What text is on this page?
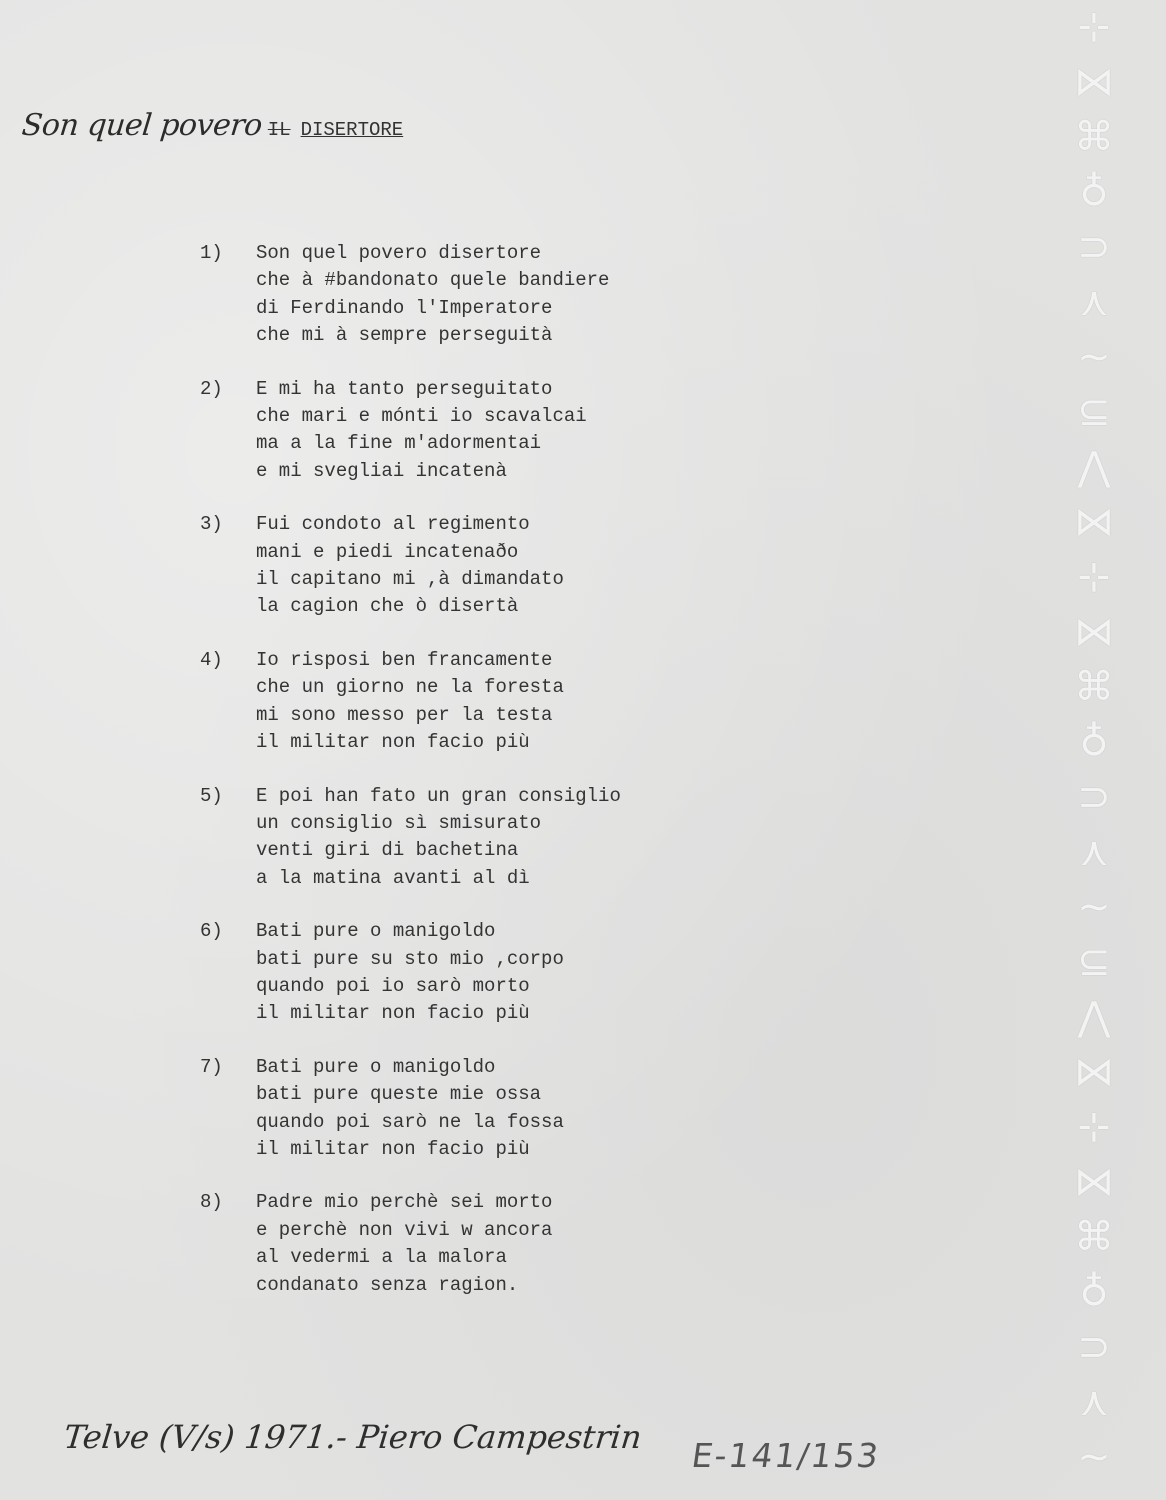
Son quel povero IL DISERTORE
1)	Son quel povero disertore
che à #bandonato quele bandiere
di Ferdinando l'Imperatore
che mi à sempre perseguità
2)	E mi ha tanto perseguitato
che mari e mónti io scavalcai
ma a la fine m'adormentai
e mi svegliai incatenà
3)	Fui condoto al regimento
mani e piedi incatenaðo
il capitano mi ,à dimandato
la cagion che ò disertà
4)	Io risposi ben francamente
che un giorno ne la foresta
mi sono messo per la testa
il militar non facio più
5)	E poi han fato un gran consiglio
un consiglio sì smisurato
venti giri di bachetina
a la matina avanti al dì
6)	Bati pure o manigoldo
bati pure su sto mio ,corpo
quando poi io sarò morto
il militar non facio più
7)	Bati pure o manigoldo
bati pure queste mie ossa
quando poi sarò ne la fossa
il militar non facio più
8)	Padre mio perchè sei morto
e perchè non vivi w ancora
al vedermi a la malora
condanato senza ragion.
Telve (V/s) 1971.- Piero Campestrin E-141/153
⊹
⋈
⌘
♁
⊃
⋏
∼
⊆
⋀
⋈
⊹
⋈
⌘
♁
⊃
⋏
∼
⊆
⋀
⋈
⊹
⋈
⌘
♁
⊃
⋏
∼
